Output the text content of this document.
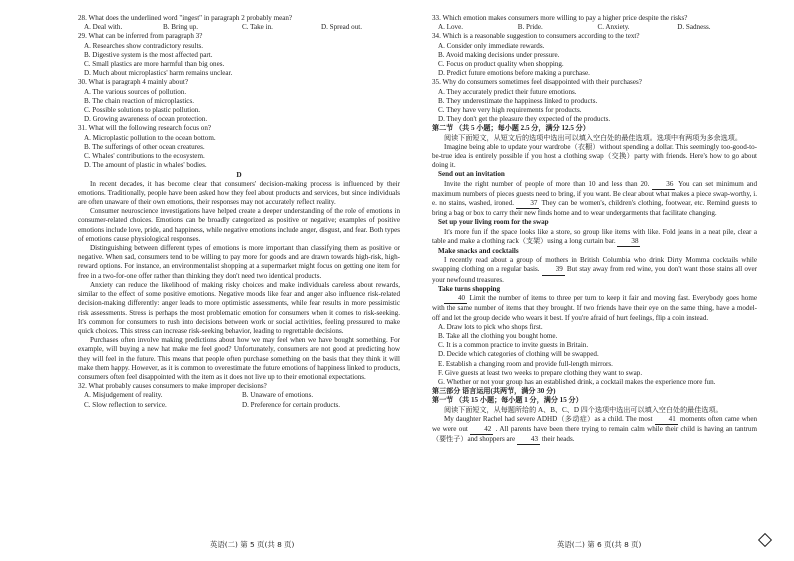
28. What does the underlined word "ingest" in paragraph 2 probably mean?
A. Deal with.	B. Bring up.	C. Take in.	D. Spread out.
29. What can be inferred from paragraph 3?
A. Researches show contradictory results.
B. Digestive system is the most affected part.
C. Small plastics are more harmful than big ones.
D. Much about microplastics' harm remains unclear.
30. What is paragraph 4 mainly about?
A. The various sources of pollution.
B. The chain reaction of microplastics.
C. Possible solutions to plastic pollution.
D. Growing awareness of ocean protection.
31. What will the following research focus on?
A. Microplastic pollution to the ocean bottom.
B. The sufferings of other ocean creatures.
C. Whales' contributions to the ecosystem.
D. The amount of plastic in whales' bodies.
D
In recent decades, it has become clear that consumers' decision-making process is influenced by their emotions. Traditionally, people have been asked how they feel about products and services, but since individuals are often unaware of their own emotions, their responses may not accurately reflect reality.
Consumer neuroscience investigations have helped create a deeper understanding of the role of emotions in consumer-related choices. Emotions can be broadly categorized as positive or negative; examples of positive emotions include love, pride, and happiness, while negative emotions include anger, disgust, and fear. Both types of emotions cause physiological responses.
Distinguishing between different types of emotions is more important than classifying them as positive or negative. When sad, consumers tend to be willing to pay more for goods and are drawn towards high-risk, high-reward options. For instance, an environmentalist shopping at a supermarket might focus on getting one item for free in a two-for-one offer rather than thinking they don't need two identical products.
Anxiety can reduce the likelihood of making risky choices and make individuals careless about rewards, similar to the effect of some positive emotions. Negative moods like fear and anger also influence risk-related decision-making differently: anger leads to more optimistic assessments, while fear results in more pessimistic risk assessments. Stress is perhaps the most problematic emotion for consumers when it comes to risk-seeking. It's common for consumers to rush into decisions between work or social activities, feeling pressured to make quick choices. This stress can increase risk-seeking behavior, leading to regrettable decisions.
Purchases often involve making predictions about how we may feel when we have bought something. For example, will buying a new hat make me feel good? Unfortunately, consumers are not good at predicting how they will feel in the future. This means that people often purchase something on the basis that they think it will make them happy. However, as it is common to overestimate the future emotions of happiness linked to products, consumers often feel disappointed with the item as it does not live up to their emotional expectations.
32. What probably causes consumers to make improper decisions?
A. Misjudgement of reality.	B. Unaware of emotions.
C. Slow reflection to service.	D. Preference for certain products.
33. Which emotion makes consumers more willing to pay a higher price despite the risks?
A. Love.	B. Pride.	C. Anxiety.	D. Sadness.
34. Which is a reasonable suggestion to consumers according to the text?
A. Consider only immediate rewards.
B. Avoid making decisions under pressure.
C. Focus on product quality when shopping.
D. Predict future emotions before making a purchase.
35. Why do consumers sometimes feel disappointed with their purchases?
A. They accurately predict their future emotions.
B. They underestimate the happiness linked to products.
C. They have very high requirements for products.
D. They don't get the pleasure they expected of the products.
第二节 （共 5 小题；每小题 2.5 分，满分 12.5 分）
阅读下面短文，从短文后的选项中选出可以填入空白处的最佳选项。选项中有两项为多余选项。
Imagine being able to update your wardrobe（衣橱）without spending a dollar. This seemingly too-good-to-be-true idea is entirely possible if you host a clothing swap（交换）party with friends. Here's how to go about doing it.
Send out an invitation
Invite the right number of people of more than 10 and less than 20. 36 You can set minimum and maximum numbers of pieces guests need to bring, if you want. Be clear about what makes a piece swap-worthy, i. e. no stains, washed, ironed. 37 They can be women's, children's clothing, footwear, etc. Remind guests to bring a bag or box to carry their new finds home and to wear undergarments that facilitate changing.
Set up your living room for the swap
It's more fun if the space looks like a store, so group like items with like. Fold jeans in a neat pile, clear a table and make a clothing rack（支架）using a long curtain bar. 38
Make snacks and cocktails
I recently read about a group of mothers in British Columbia who drink Dirty Momma cocktails while swapping clothing on a regular basis. 39 But stay away from red wine, you don't want those stains all over your newfound treasures.
Take turns shopping
40 Limit the number of items to three per turn to keep it fair and moving fast. Everybody goes home with the same number of items that they brought. If two friends have their eye on the same thing, have a model-off and let the group decide who wears it best. If you're afraid of hurt feelings, flip a coin instead.
A. Draw lots to pick who shops first.
B. Take all the clothing you bought home.
C. It is a common practice to invite guests in Britain.
D. Decide which categories of clothing will be swapped.
E. Establish a changing room and provide full-length mirrors.
F. Give guests at least two weeks to prepare clothing they want to swap.
G. Whether or not your group has an established drink, a cocktail makes the experience more fun.
第三部分 语言运用(共两节，满分 30 分)
第一节 （共 15 小题；每小题 1 分，满分 15 分）
阅读下面短文，从每题所给的 A、B、C、D 四个选项中选出可以填入空白处的最佳选项。
My daughter Rachel had severe ADHD（多动症）as a child. The most 41 moments often came when we were out 42 . All parents have been there trying to remain calm while their child is having an tantrum（要性子）and shoppers are 43 their heads.
英语(二) 第 5 页(共 8 页)	英语(二) 第 6 页(共 8 页)
